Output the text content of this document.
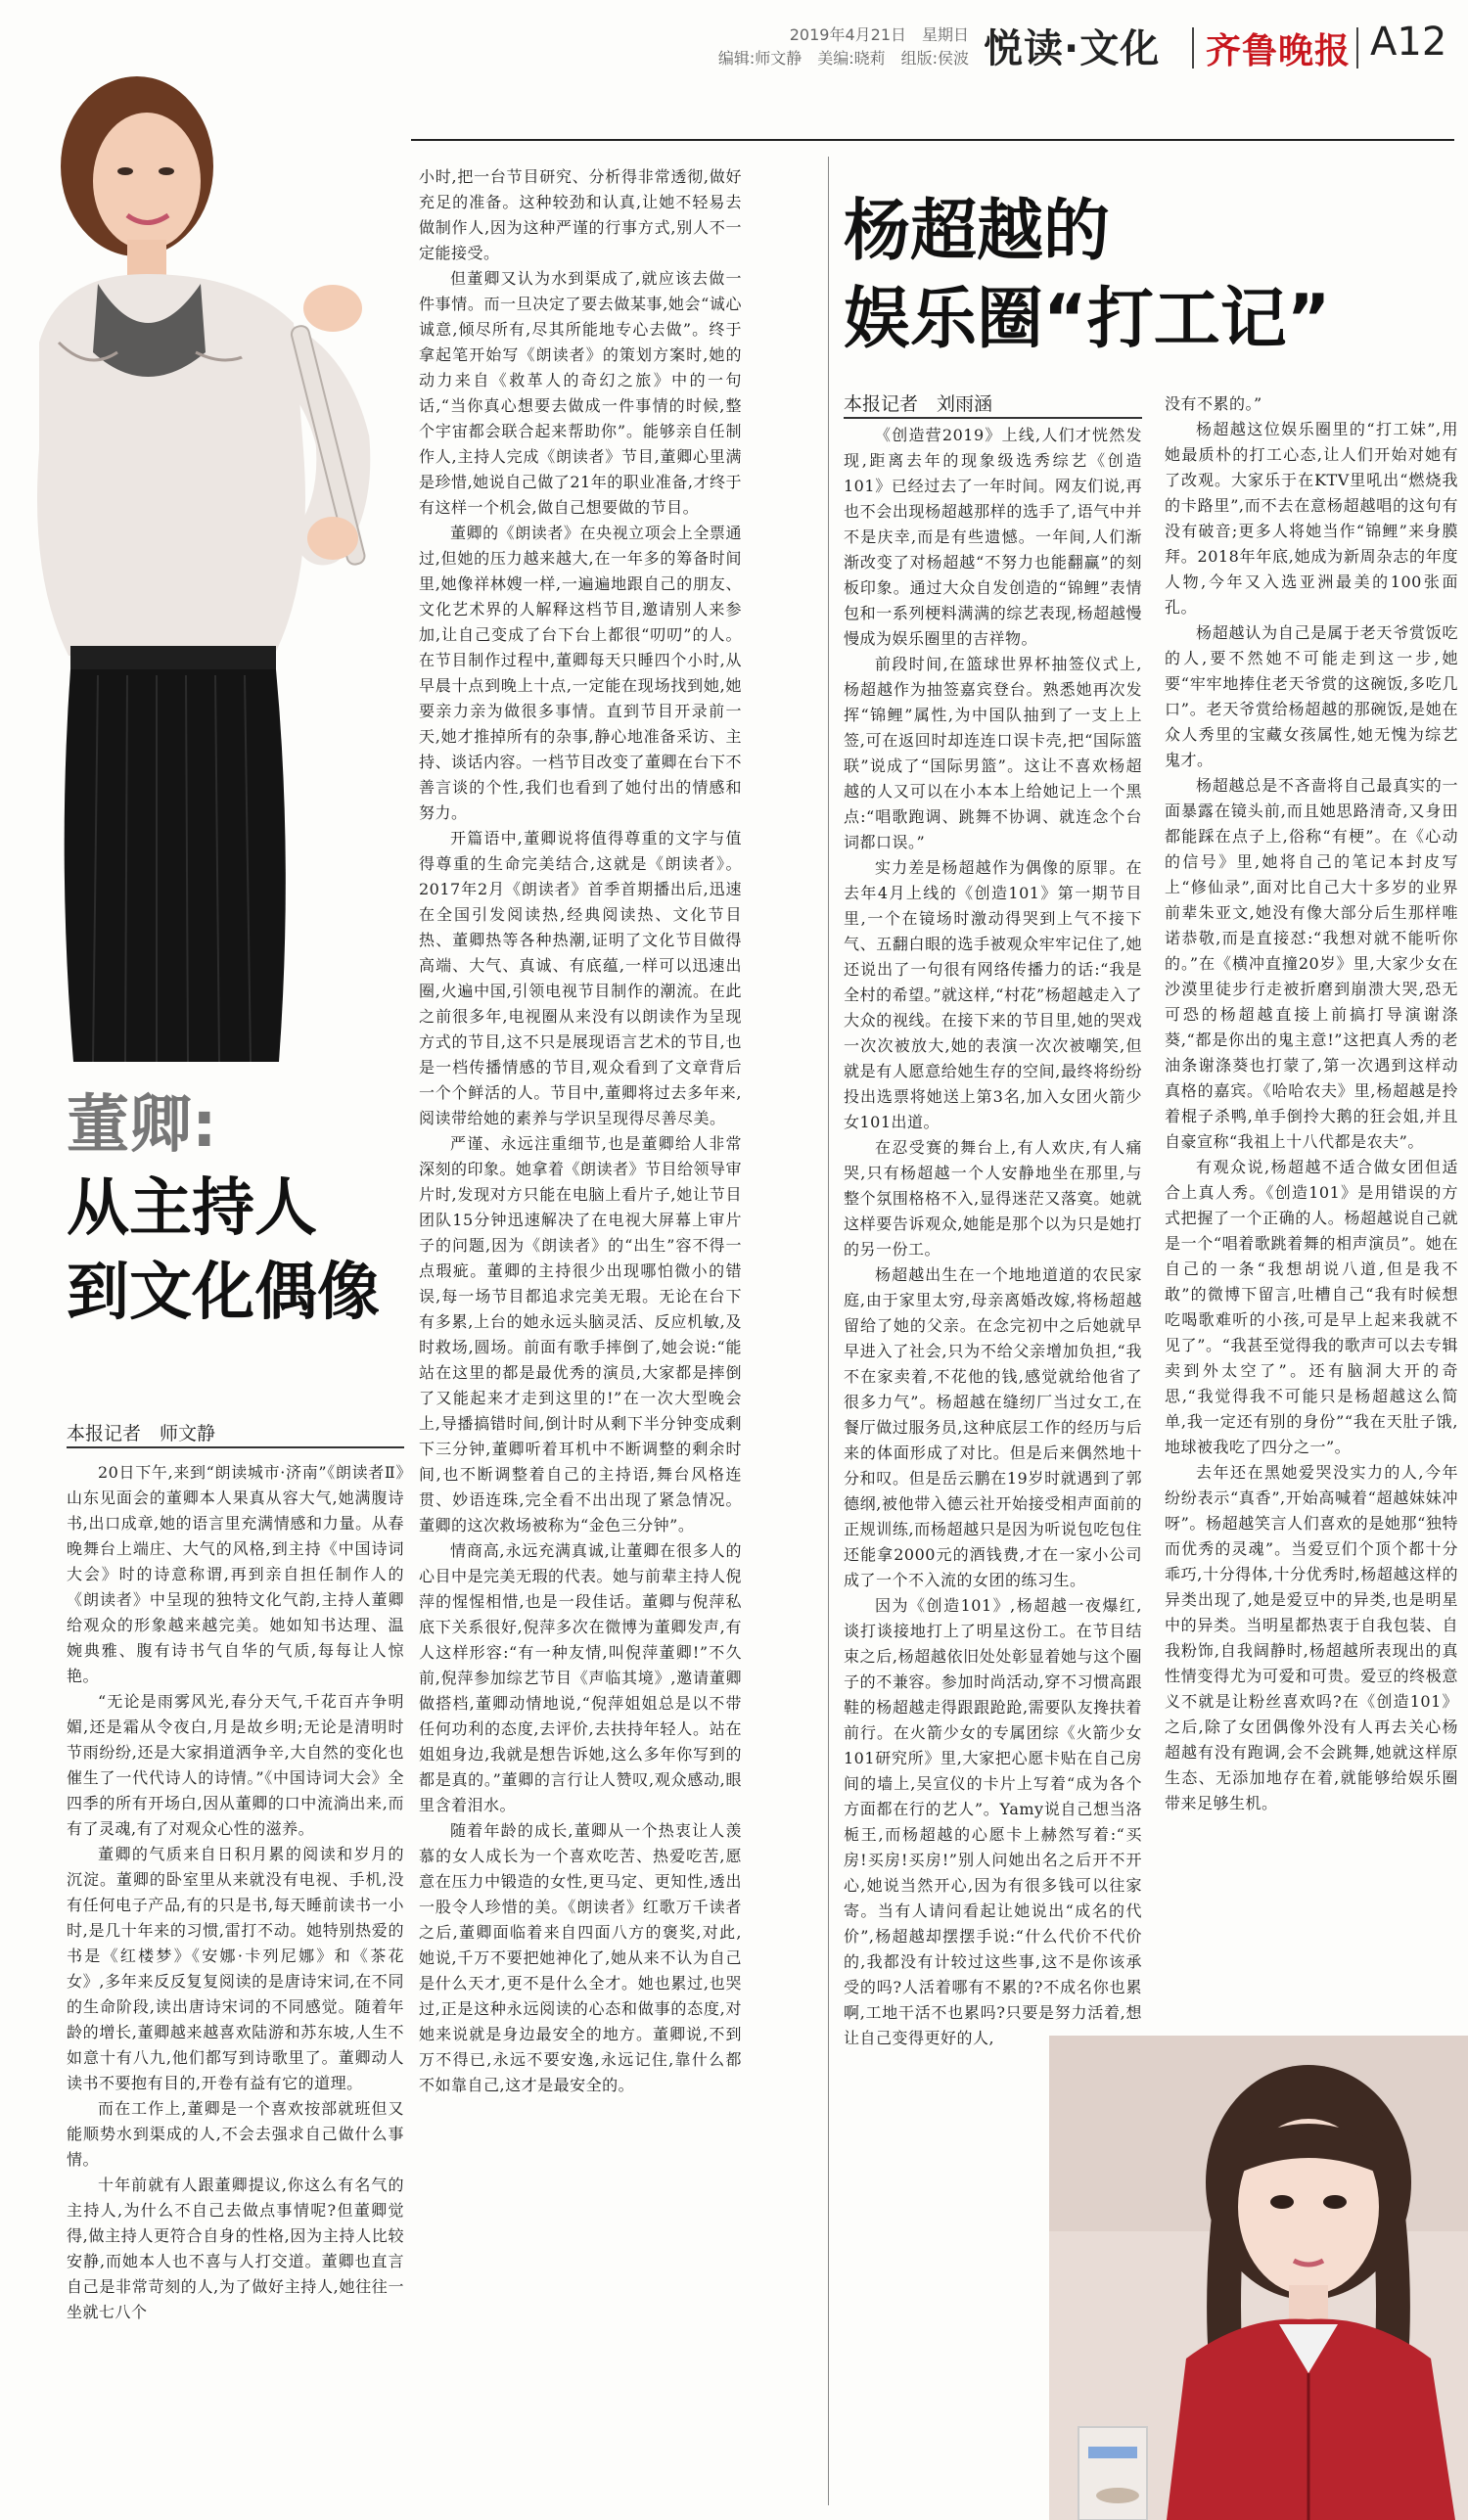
2019年4月21日　星期日
编辑:师文静　美编:晓莉　组版:侯波 悦读·文化 齐鲁晚报 A12
董卿:
从主持人
到文化偶像
本报记者　师文静

20日下午,来到“朗读城市·济南”《朗读者Ⅱ》山东见面会的董卿本人果真从容大气,她满腹诗书,出口成章,她的语言里充满情感和力量。从春晚舞台上端庄、大气的风格,到主持《中国诗词大会》时的诗意称谓,再到亲自担任制作人的《朗读者》中呈现的独特文化气韵,主持人董卿给观众的形象越来越完美。她如知书达理、温婉典雅、腹有诗书气自华的气质,每每让人惊艳。

“无论是雨雾风光,春分天气,千花百卉争明媚,还是霜从令夜白,月是故乡明;无论是清明时节雨纷纷,还是大家捐道洒争辛,大自然的变化也催生了一代代诗人的诗情。”《中国诗词大会》全四季的所有开场白,因从董卿的口中流淌出来,而有了灵魂,有了对观众心性的滋养。

董卿的气质来自日积月累的阅读和岁月的沉淀。董卿的卧室里从来就没有电视、手机,没有任何电子产品,有的只是书,每天睡前读书一小时,是几十年来的习惯,雷打不动。她特别热爱的书是《红楼梦》《安娜·卡列尼娜》和《茶花女》,多年来反反复复阅读的是唐诗宋词,在不同的生命阶段,读出唐诗宋词的不同感觉。随着年龄的增长,董卿越来越喜欢陆游和苏东坡,人生不如意十有八九,他们都写到诗歌里了。董卿动人读书不要抱有目的,开卷有益有它的道理。

而在工作上,董卿是一个喜欢按部就班但又能顺势水到渠成的人,不会去强求自己做什么事情。

十年前就有人跟董卿提议,你这么有名气的主持人,为什么不自己去做点事情呢?但董卿觉得,做主持人更符合自身的性格,因为主持人比较安静,而她本人也不喜与人打交道。董卿也直言自己是非常苛刻的人,为了做好主持人,她往往一坐就七八个

小时,把一台节目研究、分析得非常透彻,做好充足的准备。这种较劲和认真,让她不轻易去做制作人,因为这种严谨的行事方式,别人不一定能接受。

但董卿又认为水到渠成了,就应该去做一件事情。而一旦决定了要去做某事,她会“诚心诚意,倾尽所有,尽其所能地专心去做”。终于拿起笔开始写《朗读者》的策划方案时,她的动力来自《救革人的奇幻之旅》中的一句话,“当你真心想要去做成一件事情的时候,整个宇宙都会联合起来帮助你”。能够亲自任制作人,主持人完成《朗读者》节目,董卿心里满是珍惜,她说自己做了21年的职业准备,才终于有这样一个机会,做自己想要做的节目。

董卿的《朗读者》在央视立项会上全票通过,但她的压力越来越大,在一年多的筹备时间里,她像祥林嫂一样,一遍遍地跟自己的朋友、文化艺术界的人解释这档节目,邀请别人来参加,让自己变成了台下台上都很“叨叨”的人。在节目制作过程中,董卿每天只睡四个小时,从早晨十点到晚上十点,一定能在现场找到她,她要亲力亲为做很多事情。直到节目开录前一天,她才推掉所有的杂事,静心地准备采访、主持、谈话内容。一档节目改变了董卿在台下不善言谈的个性,我们也看到了她付出的情感和努力。

开篇语中,董卿说将值得尊重的文字与值得尊重的生命完美结合,这就是《朗读者》。2017年2月《朗读者》首季首期播出后,迅速在全国引发阅读热,经典阅读热、文化节目热、董卿热等各种热潮,证明了文化节目做得高端、大气、真诚、有底蕴,一样可以迅速出圈,火遍中国,引领电视节目制作的潮流。在此之前很多年,电视圈从来没有以朗读作为呈现方式的节目,这不只是展现语言艺术的节目,也是一档传播情感的节目,观众看到了文章背后一个个鲜活的人。节目中,董卿将过去多年来,阅读带给她的素养与学识呈现得尽善尽美。

严谨、永远注重细节,也是董卿给人非常深刻的印象。她拿着《朗读者》节目给领导审片时,发现对方只能在电脑上看片子,她让节目团队15分钟迅速解决了在电视大屏幕上审片子的问题,因为《朗读者》的“出生”容不得一点瑕疵。董卿的主持很少出现哪怕微小的错误,每一场节目都追求完美无瑕。无论在台下有多累,上台的她永远头脑灵活、反应机敏,及时救场,圆场。前面有歌手摔倒了,她会说:“能站在这里的都是最优秀的演员,大家都是摔倒了又能起来才走到这里的!”在一次大型晚会上,导播搞错时间,倒计时从剩下半分钟变成剩下三分钟,董卿听着耳机中不断调整的剩余时间,也不断调整着自己的主持语,舞台风格连贯、妙语连珠,完全看不出出现了紧急情况。董卿的这次救场被称为“金色三分钟”。

情商高,永远充满真诚,让董卿在很多人的心目中是完美无瑕的代表。她与前辈主持人倪萍的惺惺相惜,也是一段佳话。董卿与倪萍私底下关系很好,倪萍多次在微博为董卿发声,有人这样形容:“有一种友情,叫倪萍董卿!”不久前,倪萍参加综艺节目《声临其境》,邀请董卿做搭档,董卿动情地说,“倪萍姐姐总是以不带任何功利的态度,去评价,去扶持年轻人。站在姐姐身边,我就是想告诉她,这么多年你写到的都是真的。”董卿的言行让人赞叹,观众感动,眼里含着泪水。

随着年龄的成长,董卿从一个热衷让人羡慕的女人成长为一个喜欢吃苦、热爱吃苦,愿意在压力中锻造的女性,更马定、更知性,透出一股令人珍惜的美。《朗读者》红歌万千读者之后,董卿面临着来自四面八方的褒奖,对此,她说,千万不要把她神化了,她从来不认为自己是什么天才,更不是什么全才。她也累过,也哭过,正是这种永远阅读的心态和做事的态度,对她来说就是身边最安全的地方。董卿说,不到万不得已,永远不要安逸,永远记住,靠什么都不如靠自己,这才是最安全的。

杨超越的
娱乐圈“打工记”
本报记者　刘雨涵

《创造营2019》上线,人们才恍然发现,距离去年的现象级选秀综艺《创造101》已经过去了一年时间。网友们说,再也不会出现杨超越那样的选手了,语气中并不是庆幸,而是有些遗憾。一年间,人们渐渐改变了对杨超越“不努力也能翻赢”的刻板印象。通过大众自发创造的“锦鲤”表情包和一系列梗料满满的综艺表现,杨超越慢慢成为娱乐圈里的吉祥物。

前段时间,在篮球世界杯抽签仪式上,杨超越作为抽签嘉宾登台。熟悉她再次发挥“锦鲤”属性,为中国队抽到了一支上上签,可在返回时却连连口误卡壳,把“国际篮联”说成了“国际男篮”。这让不喜欢杨超越的人又可以在小本本上给她记上一个黑点:“唱歌跑调、跳舞不协调、就连念个台词都口误。”

实力差是杨超越作为偶像的原罪。在去年4月上线的《创造101》第一期节目里,一个在镜场时激动得哭到上气不接下气、五翻白眼的选手被观众牢牢记住了,她还说出了一句很有网络传播力的话:“我是全村的希望。”就这样,“村花”杨超越走入了大众的视线。在接下来的节目里,她的哭戏一次次被放大,她的表演一次次被嘲笑,但就是有人愿意给她生存的空间,最终将纷纷投出选票将她送上第3名,加入女团火箭少女101出道。

在忍受赛的舞台上,有人欢庆,有人痛哭,只有杨超越一个人安静地坐在那里,与整个氛围格格不入,显得迷茫又落寞。她就这样要告诉观众,她能是那个以为只是她打的另一份工。

杨超越出生在一个地地道道的农民家庭,由于家里太穷,母亲离婚改嫁,将杨超越留给了她的父亲。在念完初中之后她就早早进入了社会,只为不给父亲增加负担,“我不在家卖着,不花他的钱,感觉就给他省了很多力气”。杨超越在缝纫厂当过女工,在餐厅做过服务员,这种底层工作的经历与后来的体面形成了对比。但是后来偶然地十分和叹。但是岳云鹏在19岁时就遇到了郭德纲,被他带入德云社开始接受相声面前的正规训练,而杨超越只是因为听说包吃包住还能拿2000元的酒钱费,才在一家小公司成了一个不入流的女团的练习生。

因为《创造101》,杨超越一夜爆红,谈打谈接地打上了明星这份工。在节目结束之后,杨超越依旧处处彰显着她与这个圈子的不兼容。参加时尚活动,穿不习惯高跟鞋的杨超越走得跟跟跄跄,需要队友搀扶着前行。在火箭少女的专属团综《火箭少女101研究所》里,大家把心愿卡贴在自己房间的墙上,吴宣仪的卡片上写着“成为各个方面都在行的艺人”。Yamy说自己想当洛栀王,而杨超越的心愿卡上赫然写着:“买房!买房!买房!”别人问她出名之后开不开心,她说当然开心,因为有很多钱可以往家寄。当有人请问看起让她说出“成名的代价”,杨超越却摆摆手说:“什么代价不代价的,我都没有计较过这些事,这不是你该承受的吗?人活着哪有不累的?不成名你也累啊,工地干活不也累吗?只要是努力活着,想让自己变得更好的人,

没有不累的。”

杨超越这位娱乐圈里的“打工妹”,用她最质朴的打工心态,让人们开始对她有了改观。大家乐于在KTV里吼出“燃烧我的卡路里”,而不去在意杨超越唱的这句有没有破音;更多人将她当作“锦鲤”来身膜拜。2018年年底,她成为新周杂志的年度人物,今年又入选亚洲最美的100张面孔。

杨超越认为自己是属于老天爷赏饭吃的人,要不然她不可能走到这一步,她要“牢牢地捧住老天爷赏的这碗饭,多吃几口”。老天爷赏给杨超越的那碗饭,是她在众人秀里的宝藏女孩属性,她无愧为综艺鬼才。

杨超越总是不吝啬将自己最真实的一面暴露在镜头前,而且她思路清奇,又身田都能踩在点子上,俗称“有梗”。在《心动的信号》里,她将自己的笔记本封皮写上“修仙录”,面对比自己大十多岁的业界前辈朱亚文,她没有像大部分后生那样唯诺恭敬,而是直接怼:“我想对就不能听你的。”在《横冲直撞20岁》里,大家少女在沙漠里徒步行走被折磨到崩溃大哭,恐无可恐的杨超越直接上前搞打导演谢涤葵,“都是你出的鬼主意!”这把真人秀的老油条谢涤葵也打蒙了,第一次遇到这样动真格的嘉宾。《哈哈农夫》里,杨超越是拎着棍子杀鸭,单手倒拎大鹅的狂会姐,并且自豪宣称“我祖上十八代都是农夫”。

有观众说,杨超越不适合做女团但适合上真人秀。《创造101》是用错误的方式把握了一个正确的人。杨超越说自己就是一个“唱着歌跳着舞的相声演员”。她在自己的一条“我想胡说八道,但是我不敢”的微博下留言,吐槽自己“我有时候想吃喝歌难听的小孩,可是早上起来我就不见了”。“我甚至觉得我的歌声可以去专辑卖到外太空了”。还有脑洞大开的奇思,“我觉得我不可能只是杨超越这么简单,我一定还有别的身份”“我在天肚子饿,地球被我吃了四分之一”。

去年还在黑她爱哭没实力的人,今年纷纷表示“真香”,开始高喊着“超越妹妹冲呀”。杨超越笑言人们喜欢的是她那“独特而优秀的灵魂”。当爱豆们个顶个都十分乖巧,十分得体,十分优秀时,杨超越这样的异类出现了,她是爱豆中的异类,也是明星中的异类。当明星都热衷于自我包装、自我粉饰,自我阔静时,杨超越所表现出的真性情变得尤为可爱和可贵。爱豆的终极意义不就是让粉丝喜欢吗?在《创造101》之后,除了女团偶像外没有人再去关心杨超越有没有跑调,会不会跳舞,她就这样原生态、无添加地存在着,就能够给娱乐圈带来足够生机。
